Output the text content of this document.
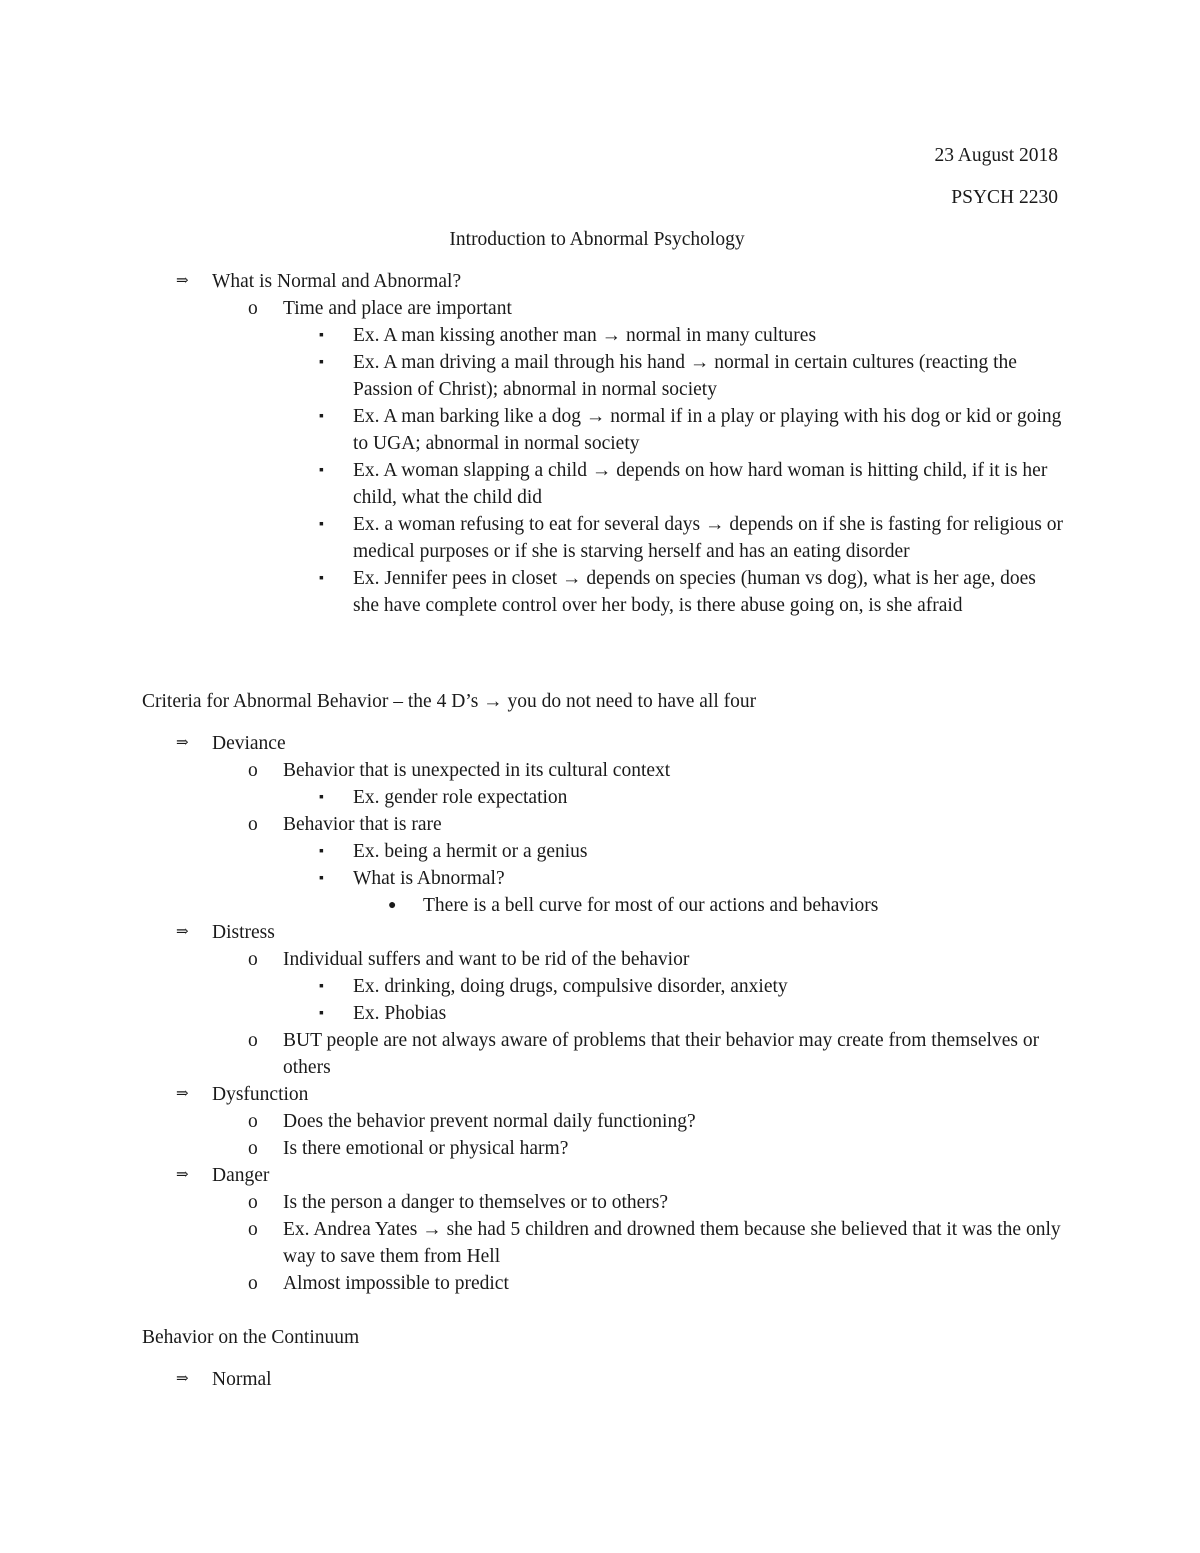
23 August 2018
PSYCH 2230
Introduction to Abnormal Psychology
⇒	What is Normal and Abnormal?
o	Time and place are important
▪	Ex. A man kissing another man → normal in many cultures
▪	Ex. A man driving a mail through his hand → normal in certain cultures (reacting the Passion of Christ); abnormal in normal society
▪	Ex. A man barking like a dog → normal if in a play or playing with his dog or kid or going to UGA; abnormal in normal society
▪	Ex. A woman slapping a child → depends on how hard woman is hitting child, if it is her child, what the child did
▪	Ex. a woman refusing to eat for several days → depends on if she is fasting for religious or medical purposes or if she is starving herself and has an eating disorder
▪	Ex. Jennifer pees in closet → depends on species (human vs dog), what is her age, does she have complete control over her body, is there abuse going on, is she afraid
Criteria for Abnormal Behavior – the 4 D’s → you do not need to have all four
⇒	Deviance
o	Behavior that is unexpected in its cultural context
▪	Ex. gender role expectation
o	Behavior that is rare
▪	Ex. being a hermit or a genius
▪	What is Abnormal?
●	There is a bell curve for most of our actions and behaviors
⇒	Distress
o	Individual suffers and want to be rid of the behavior
▪	Ex. drinking, doing drugs, compulsive disorder, anxiety
▪	Ex. Phobias
o	BUT people are not always aware of problems that their behavior may create from themselves or others
⇒	Dysfunction
o	Does the behavior prevent normal daily functioning?
o	Is there emotional or physical harm?
⇒	Danger
o	Is the person a danger to themselves or to others?
o	Ex. Andrea Yates → she had 5 children and drowned them because she believed that it was the only way to save them from Hell
o	Almost impossible to predict
Behavior on the Continuum
⇒	Normal
